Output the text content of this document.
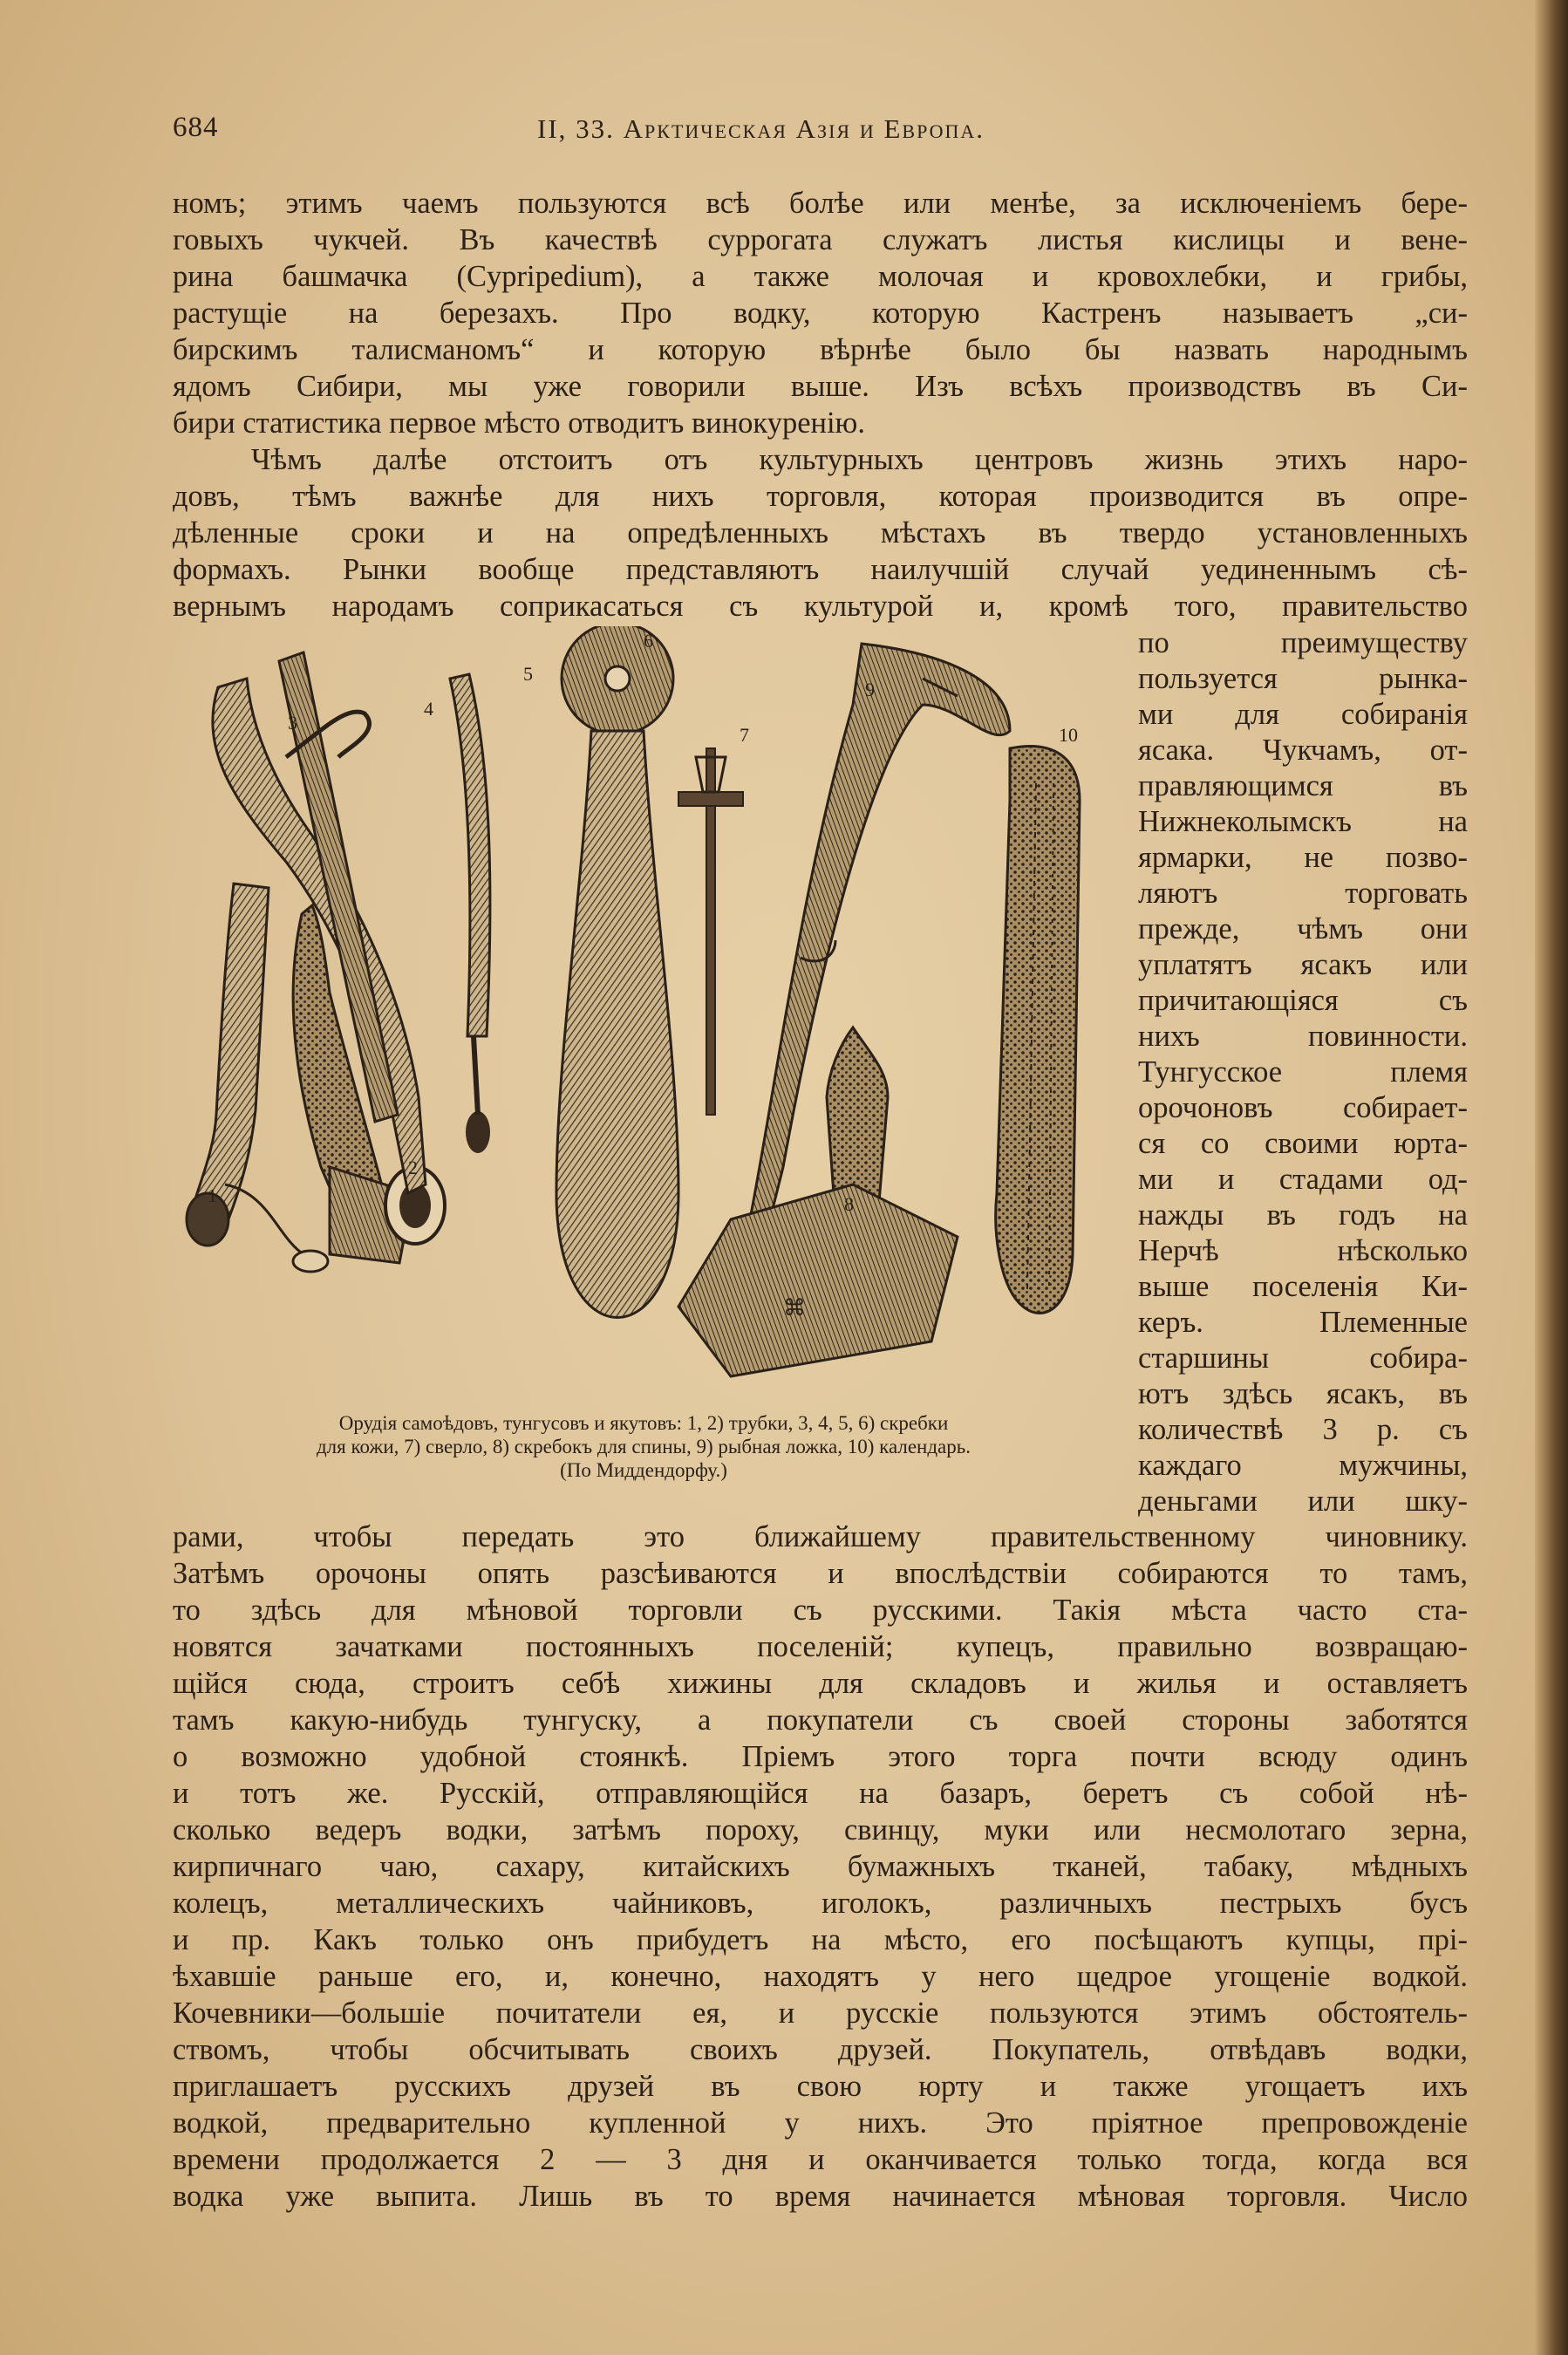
684	II, 33. Арктическая Азія и Европа.
номъ; этимъ чаемъ пользуются всѣ болѣе или менѣе, за исключеніемъ бере-
говыхъ чукчей. Въ качествѣ суррогата служатъ листья кислицы и вене-
рина башмачка (Cypripedium), а также молочая и кровохлебки, и грибы,
растущіе на березахъ. Про водку, которую Кастренъ называетъ „си-
бирскимъ талисманомъ“ и которую вѣрнѣе было бы назвать народнымъ
ядомъ Сибири, мы уже говорили выше. Изъ всѣхъ производствъ въ Си-
бири статистика первое мѣсто отводитъ винокуренію.
Чѣмъ далѣе отстоитъ отъ культурныхъ центровъ жизнь этихъ наро-
довъ, тѣмъ важнѣе для нихъ торговля, которая производится въ опре-
дѣленные сроки и на опредѣленныхъ мѣстахъ въ твердо установленныхъ
формахъ. Рынки вообще представляютъ наилучшій случай уединеннымъ сѣ-
вернымъ народамъ соприкасаться съ культурой и, кромѣ того, правительство
по преимуществу
пользуется рынка-
ми для собиранія
ясака. Чукчамъ, от-
правляющимся въ
Нижнеколымскъ на
ярмарки, не позво-
ляютъ торговать
прежде, чѣмъ они
уплатятъ ясакъ или
причитающіяся съ
нихъ повинности.
Тунгусское племя
орочоновъ собирает-
ся со своими юрта-
ми и стадами од-
нажды въ годъ на
Нерчѣ нѣсколько
выше поселенія Ки-
керъ. Племенные
старшины собира-
ютъ здѣсь ясакъ, въ
количествѣ 3 р. съ
каждаго мужчины,
деньгами или шку-
⌘
1
2
3
4
5
6
7
8
9
10
Орудія самоѣдовъ, тунгусовъ и якутовъ: 1, 2) трубки, 3, 4, 5, 6) скребки
для кожи, 7) сверло, 8) скребокъ для спины, 9) рыбная ложка, 10) календарь.
(По Миддендорфу.)
рами, чтобы передать это ближайшему правительственному чиновнику.
Затѣмъ орочоны опять разсѣиваются и впослѣдствіи собираются то тамъ,
то здѣсь для мѣновой торговли съ русскими. Такія мѣста часто ста-
новятся зачатками постоянныхъ поселеній; купецъ, правильно возвращаю-
щійся сюда, строитъ себѣ хижины для складовъ и жилья и оставляетъ
тамъ какую-нибудь тунгуску, а покупатели съ своей стороны заботятся
о возможно удобной стоянкѣ. Пріемъ этого торга почти всюду одинъ
и тотъ же. Русскій, отправляющійся на базаръ, беретъ съ собой нѣ-
сколько ведеръ водки, затѣмъ пороху, свинцу, муки или несмолотаго зерна,
кирпичнаго чаю, сахару, китайскихъ бумажныхъ тканей, табаку, мѣдныхъ
колецъ, металлическихъ чайниковъ, иголокъ, различныхъ пестрыхъ бусъ
и пр. Какъ только онъ прибудетъ на мѣсто, его посѣщаютъ купцы, прі-
ѣхавшіе раньше его, и, конечно, находятъ у него щедрое угощеніе водкой.
Кочевники—большіе почитатели ея, и русскіе пользуются этимъ обстоятель-
ствомъ, чтобы обсчитывать своихъ друзей. Покупатель, отвѣдавъ водки,
приглашаетъ русскихъ друзей въ свою юрту и также угощаетъ ихъ
водкой, предварительно купленной у нихъ. Это пріятное препровожденіе
времени продолжается 2 — 3 дня и оканчивается только тогда, когда вся
водка уже выпита. Лишь въ то время начинается мѣновая торговля. Число
